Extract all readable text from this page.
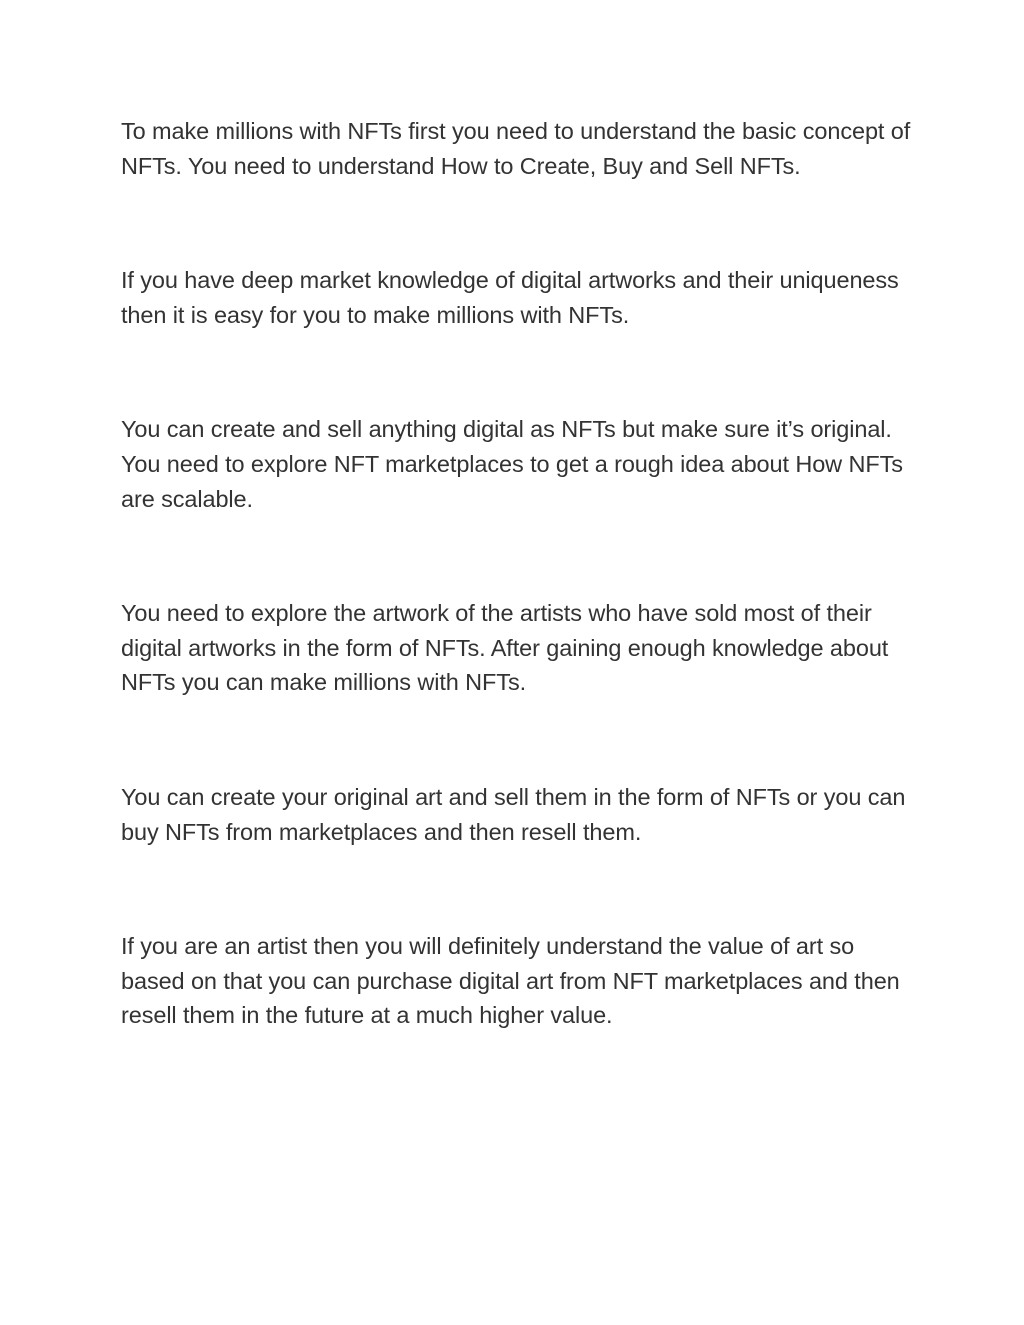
To make millions with NFTs first you need to understand the basic concept of NFTs. You need to understand How to Create, Buy and Sell NFTs.

If you have deep market knowledge of digital artworks and their uniqueness then it is easy for you to make millions with NFTs.

You can create and sell anything digital as NFTs but make sure it’s original. You need to explore NFT marketplaces to get a rough idea about How NFTs are scalable.

You need to explore the artwork of the artists who have sold most of their digital artworks in the form of NFTs. After gaining enough knowledge about NFTs you can make millions with NFTs.

You can create your original art and sell them in the form of NFTs or you can buy NFTs from marketplaces and then resell them.

If you are an artist then you will definitely understand the value of art so based on that you can purchase digital art from NFT marketplaces and then resell them in the future at a much higher value.
